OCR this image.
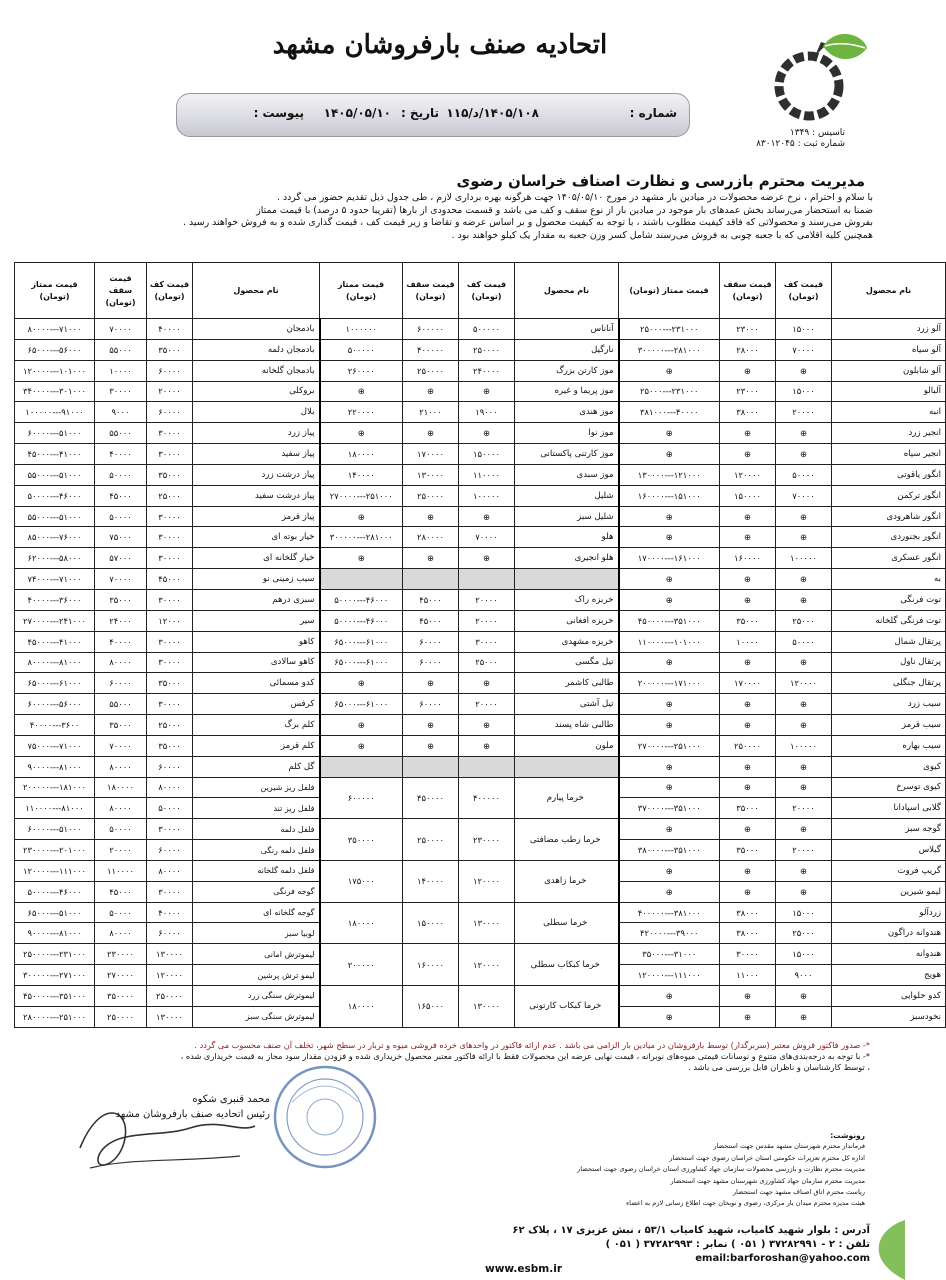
اتحادیه صنف بارفروشان مشهد
تاسیس : ۱۳۴۹
شماره ثبت : ۸۳۰۱۲۰۴۵
شماره :
۱۴۰۵/۱۰۸/د/۱۱۵
تاریخ :
۱۴۰۵/۰۵/۱۰
پیوست :
مدیریت محترم بازرسی و نظارت اصناف خراسان رضوی

با سلام و احترام ، نرخ عرضه محصولات در میادین بار مشهد در مورخ ۱۴۰۵/۰۵/۱۰ جهت هرگونه بهره برداری لازم ، طی جدول ذیل تقدیم حضور می گردد .

ضمنا به استحضار می‌رساند بخش عمدهای بار موجود در میادین بار از نوع سقف و کف می باشد و قسمت محدودی از بارها (تقریبا حدود ۵ درصد) با قیمت ممتاز

بفروش می‌رسند و محصولاتی که فاقد کیفیت مطلوب باشند ، با توجه به کیفیت محصول و بر اساس عرضه و تقاضا و زیر قیمت کف ، قیمت گذاری شده و به فروش خواهند رسید .

همچنین کلیه اقلامی که با جعبه چوبی به فروش می‌رسند شامل کسر وزن جعبه به مقدار یک کیلو خواهند بود .

نام محصول	قیمت کف (تومان)	قیمت سقف (تومان)	قیمت ممتاز (تومان)	نام محصول	قیمت کف (تومان)	قیمت سقف (تومان)	قیمت ممتاز (تومان)	نام محصول	قیمت کف (تومان)	قیمت سقف (تومان)	قیمت ممتاز (تومان)
آلو زرد	۱۵۰۰۰	۲۳۰۰۰	۲۳۱۰۰۰---۲۵۰۰۰	آناناس	۵۰۰۰۰۰	۶۰۰۰۰۰	۱۰۰۰۰۰۰	بادمجان	۴۰۰۰۰	۷۰۰۰۰	۷۱۰۰۰---۸۰۰۰۰
آلو سیاه	۷۰۰۰۰	۲۸۰۰۰	۲۸۱۰۰۰---۳۰۰۰۰۰	نارگیل	۲۵۰۰۰۰	۴۰۰۰۰۰	۵۰۰۰۰۰	بادمجان دلمه	۳۵۰۰۰	۵۵۰۰۰	۵۶۰۰۰---۶۵۰۰۰
آلو شابلون	⊕	⊕	⊕	موز کارتن بزرگ	۲۴۰۰۰۰	۲۵۰۰۰۰	۲۶۰۰۰۰	بادمجان گلخانه	۶۰۰۰۰	۱۰۰۰۰	۱۰۱۰۰۰---۱۲۰۰۰۰
آلبالو	۱۵۰۰۰	۲۳۰۰۰	۲۳۱۰۰۰---۲۵۰۰۰	موز پریما و غیره	⊕	⊕	⊕	بروکلی	۲۰۰۰۰	۳۰۰۰۰	۳۰۱۰۰۰---۳۴۰۰۰۰
انبه	۲۰۰۰۰	۳۸۰۰۰	۴۰۰۰۰---۳۸۱۰۰۰	موز هندی	۱۹۰۰۰	۲۱۰۰۰	۲۲۰۰۰۰	بلال	۶۰۰۰۰	۹۰۰۰	۹۱۰۰۰---۱۰۰۰۰۰
انجیر زرد	⊕	⊕	⊕	موز نوا	⊕	⊕	⊕	پیاز زرد	۳۰۰۰۰	۵۵۰۰۰	۵۱۰۰۰---۶۰۰۰۰
انجیر سیاه	⊕	⊕	⊕	موز کارتنی پاکستانی	۱۵۰۰۰۰	۱۷۰۰۰۰	۱۸۰۰۰۰	پیاز سفید	۳۰۰۰۰	۴۰۰۰۰	۴۱۰۰۰---۴۵۰۰۰
انگور یاقوتی	۵۰۰۰۰	۱۲۰۰۰۰	۱۲۱۰۰۰---۱۳۰۰۰۰	موز سبدی	۱۱۰۰۰۰	۱۳۰۰۰۰	۱۴۰۰۰۰	پیاز درشت زرد	۳۵۰۰۰	۵۰۰۰۰	۵۱۰۰۰---۵۵۰۰۰
انگور ترکمن	۷۰۰۰۰	۱۵۰۰۰۰	۱۵۱۰۰۰---۱۶۰۰۰۰	شلیل	۱۰۰۰۰۰	۲۵۰۰۰۰	۲۵۱۰۰۰---۲۷۰۰۰۰	پیاز درشت سفید	۲۵۰۰۰	۴۵۰۰۰	۴۶۰۰۰---۵۰۰۰۰
انگور شاهرودی	⊕	⊕	⊕	شلیل سبز	⊕	⊕	⊕	پیاز قرمز	۳۰۰۰۰	۵۰۰۰۰	۵۱۰۰۰---۵۵۰۰۰
انگور بجنوردی	⊕	⊕	⊕	هلو	۷۰۰۰۰	۲۸۰۰۰۰	۲۸۱۰۰۰---۳۰۰۰۰۰	خیار بوته ای	۳۰۰۰۰	۷۵۰۰۰	۷۶۰۰۰---۸۵۰۰۰
انگور عسکری	۱۰۰۰۰۰	۱۶۰۰۰۰	۱۶۱۰۰۰---۱۷۰۰۰۰	هلو انجیری	⊕	⊕	⊕	خیار گلخانه ای	۳۰۰۰۰	۵۷۰۰۰	۵۸۰۰۰---۶۲۰۰۰
به	⊕	⊕	⊕					سیب زمینی نو	۴۵۰۰۰	۷۰۰۰۰	۷۱۰۰۰---۷۴۰۰۰
توت فرنگی	⊕	⊕	⊕	خربزه راک	۲۰۰۰۰	۴۵۰۰۰	۴۶۰۰۰---۵۰۰۰۰	سبزی درهم	۳۰۰۰۰	۳۵۰۰۰	۳۶۰۰۰---۴۰۰۰۰
توت فرنگی گلخانه	۲۵۰۰۰	۳۵۰۰۰	۳۵۱۰۰۰---۴۵۰۰۰۰	خربزه افغانی	۲۰۰۰۰	۴۵۰۰۰	۴۶۰۰۰---۵۰۰۰۰	سیر	۱۲۰۰۰	۲۴۰۰۰	۲۴۱۰۰۰---۲۷۰۰۰۰
پرتقال شمال	۵۰۰۰۰	۱۰۰۰۰	۱۰۱۰۰۰---۱۱۰۰۰۰	خربزه مشهدی	۳۰۰۰۰	۶۰۰۰۰	۶۱۰۰۰---۶۵۰۰۰	کاهو	۳۰۰۰۰	۴۰۰۰۰	۴۱۰۰۰---۴۵۰۰۰
پرتقال ناول	⊕	⊕	⊕	تیل مگسی	۲۵۰۰۰	۶۰۰۰۰	۶۱۰۰۰---۶۵۰۰۰	کاهو سالادی	۳۰۰۰۰	۸۰۰۰۰	۸۱۰۰۰---۸۰۰۰۰
پرتقال جنگلی	۱۲۰۰۰۰	۱۷۰۰۰۰	۱۷۱۰۰۰---۲۰۰۰۰۰	طالبی کاشمر	⊕	⊕	⊕	کدو مسمائی	۳۵۰۰۰	۶۰۰۰۰	۶۱۰۰۰---۶۵۰۰۰
سیب زرد	⊕	⊕	⊕	تیل آشتی	۲۰۰۰۰	۶۰۰۰۰	۶۱۰۰۰---۶۵۰۰۰	کرفس	۳۰۰۰۰	۵۵۰۰۰	۵۶۰۰۰---۶۰۰۰۰
سیب قرمز	⊕	⊕	⊕	طالبی شاه پسند	⊕	⊕	⊕	کلم برگ	۲۵۰۰۰	۳۵۰۰۰	۳۶۰۰---۴۰۰۰۰
سیب بهاره	۱۰۰۰۰۰	۲۵۰۰۰۰	۲۵۱۰۰۰---۲۷۰۰۰۰	ملون	⊕	⊕	⊕	کلم قرمز	۳۵۰۰۰	۷۰۰۰۰	۷۱۰۰۰---۷۵۰۰۰
کیوی	⊕	⊕	⊕					گل کلم	۶۰۰۰۰	۸۰۰۰۰	۸۱۰۰۰---۹۰۰۰۰
کیوی توسرخ	⊕	⊕	⊕	خرما پیارم	۴۰۰۰۰۰	۴۵۰۰۰۰	۶۰۰۰۰۰	فلفل ریز شیرین	۸۰۰۰۰	۱۸۰۰۰۰	۱۸۱۰۰۰---۲۰۰۰۰۰
گلابی اسپادانا	۲۰۰۰۰	۳۵۰۰۰	۳۵۱۰۰۰---۳۷۰۰۰۰					فلفل ریز تند	۵۰۰۰۰	۸۰۰۰۰	۸۱۰۰۰---۱۱۰۰۰۰
گوجه سبز	⊕	⊕	⊕	خرما رطب مضافتی	۲۳۰۰۰۰	۲۵۰۰۰۰	۳۵۰۰۰۰	فلفل دلمه	۳۰۰۰۰	۵۰۰۰۰	۵۱۰۰۰---۶۰۰۰۰
گیلاس	۲۰۰۰۰	۳۵۰۰۰	۳۵۱۰۰۰---۳۸۰۰۰۰					فلفل دلمه رنگی	۶۰۰۰۰	۲۰۰۰۰	۲۰۱۰۰۰---۲۳۰۰۰۰
گریپ فروت	⊕	⊕	⊕	خرما زاهدی	۱۲۰۰۰۰	۱۴۰۰۰۰	۱۷۵۰۰۰	فلفل دلمه گلخانه	۸۰۰۰۰	۱۱۰۰۰۰	۱۱۱۰۰۰---۱۲۰۰۰۰
لیمو شیرین	⊕	⊕	⊕					گوجه فرنگی	۳۰۰۰۰	۴۵۰۰۰	۴۶۰۰۰---۵۰۰۰۰
زردآلو	۱۵۰۰۰	۳۸۰۰۰	۳۸۱۰۰۰---۴۰۰۰۰۰	خرما سطلی	۱۳۰۰۰۰	۱۵۰۰۰۰	۱۸۰۰۰۰	گوجه گلخانه ای	۴۰۰۰۰	۵۰۰۰۰	۵۱۰۰۰---۶۵۰۰۰
هندوانه دراگون	۲۵۰۰۰	۳۸۰۰۰	۳۹۰۰۰---۴۲۰۰۰۰					لوبیا سبز	۶۰۰۰۰	۸۰۰۰۰	۸۱۰۰۰---۹۰۰۰۰
هندوانه	۱۵۰۰۰	۳۰۰۰۰	۳۱۰۰۰---۳۵۰۰۰	خرما کبکاب سطلی	۱۲۰۰۰۰	۱۶۰۰۰۰	۲۰۰۰۰۰	لیموترش امانی	۱۳۰۰۰۰	۲۳۰۰۰۰	۲۳۱۰۰۰---۲۵۰۰۰۰
هویج	۹۰۰۰	۱۱۰۰۰	۱۱۱۰۰۰---۱۲۰۰۰۰					لیمو ترش پرشین	۱۲۰۰۰۰	۲۷۰۰۰۰	۲۷۱۰۰۰---۳۰۰۰۰۰
کدو حلوایی	⊕	⊕	⊕	خرما کبکاب کارتونی	۱۳۰۰۰۰	۱۶۵۰۰۰	۱۸۰۰۰۰	لیموترش سنگی زرد	۲۵۰۰۰۰	۳۵۰۰۰۰	۳۵۱۰۰۰---۴۵۰۰۰۰
نخودسبز	⊕	⊕	⊕					لیموترش سنگی سبز	۱۳۰۰۰۰	۲۵۰۰۰۰	۲۵۱۰۰۰---۲۸۰۰۰۰

*- صدور فاکتور فروش معتبر (سربرگدار) توسط بارفروشان در میادین بار الزامی می باشد . عدم ارائه فاکتور در واحدهای خرده فروشی میوه و تربار در سطح شهر، تخلف آن صنف محسوب می گردد .

*- با توجه به درجه‌بندی‌های متنوع و نوسانات قیمتی میوه‌های نوبرانه ، قیمت نهایی عرضه این محصولات فقط با ارائه فاکتور معتبر محصول خریداری شده و فزودن مقدار سود مجاز به قیمت خریداری شده ،

، توسط کارشناسان و ناظران قابل بررسی می باشد .

محمد قنبری شکوه
رئیس اتحادیه صنف بارفروشان مشهد

رونوشت:

فرماندار محترم شهرستان مشهد مقدس جهت استحضار

اداره کل محترم تعزیرات حکومتی استان خراسان رضوی جهت استحضار

مدیریت محترم نظارت و بازرسی محصولات سازمان جهاد کشاورزی استان خراسان رضوی جهت استحضار

مدیریت محترم سازمان جهاد کشاورزی شهرستان مشهد جهت استحضار

ریاست محترم اتاق اصناف مشهد جهت استحضار

هیئت مدیره محترم میدان بار مرکزی، رضوی و نوبخان جهت اطلاع رسانی لازم به اعضاء

آدرس : بلوار شهید کامیاب، شهید کامیاب ۵۳/۱ ، نبش عزیزی ۱۷ ، پلاک ۶۲

تلفن : ۲ - ۳۷۲۸۲۹۹۱ ( ۰۵۱ ) نمابر : ۳۷۲۸۲۹۹۳ ( ۰۵۱ )

email:barforoshan@yahoo.com

www.esbm.ir
